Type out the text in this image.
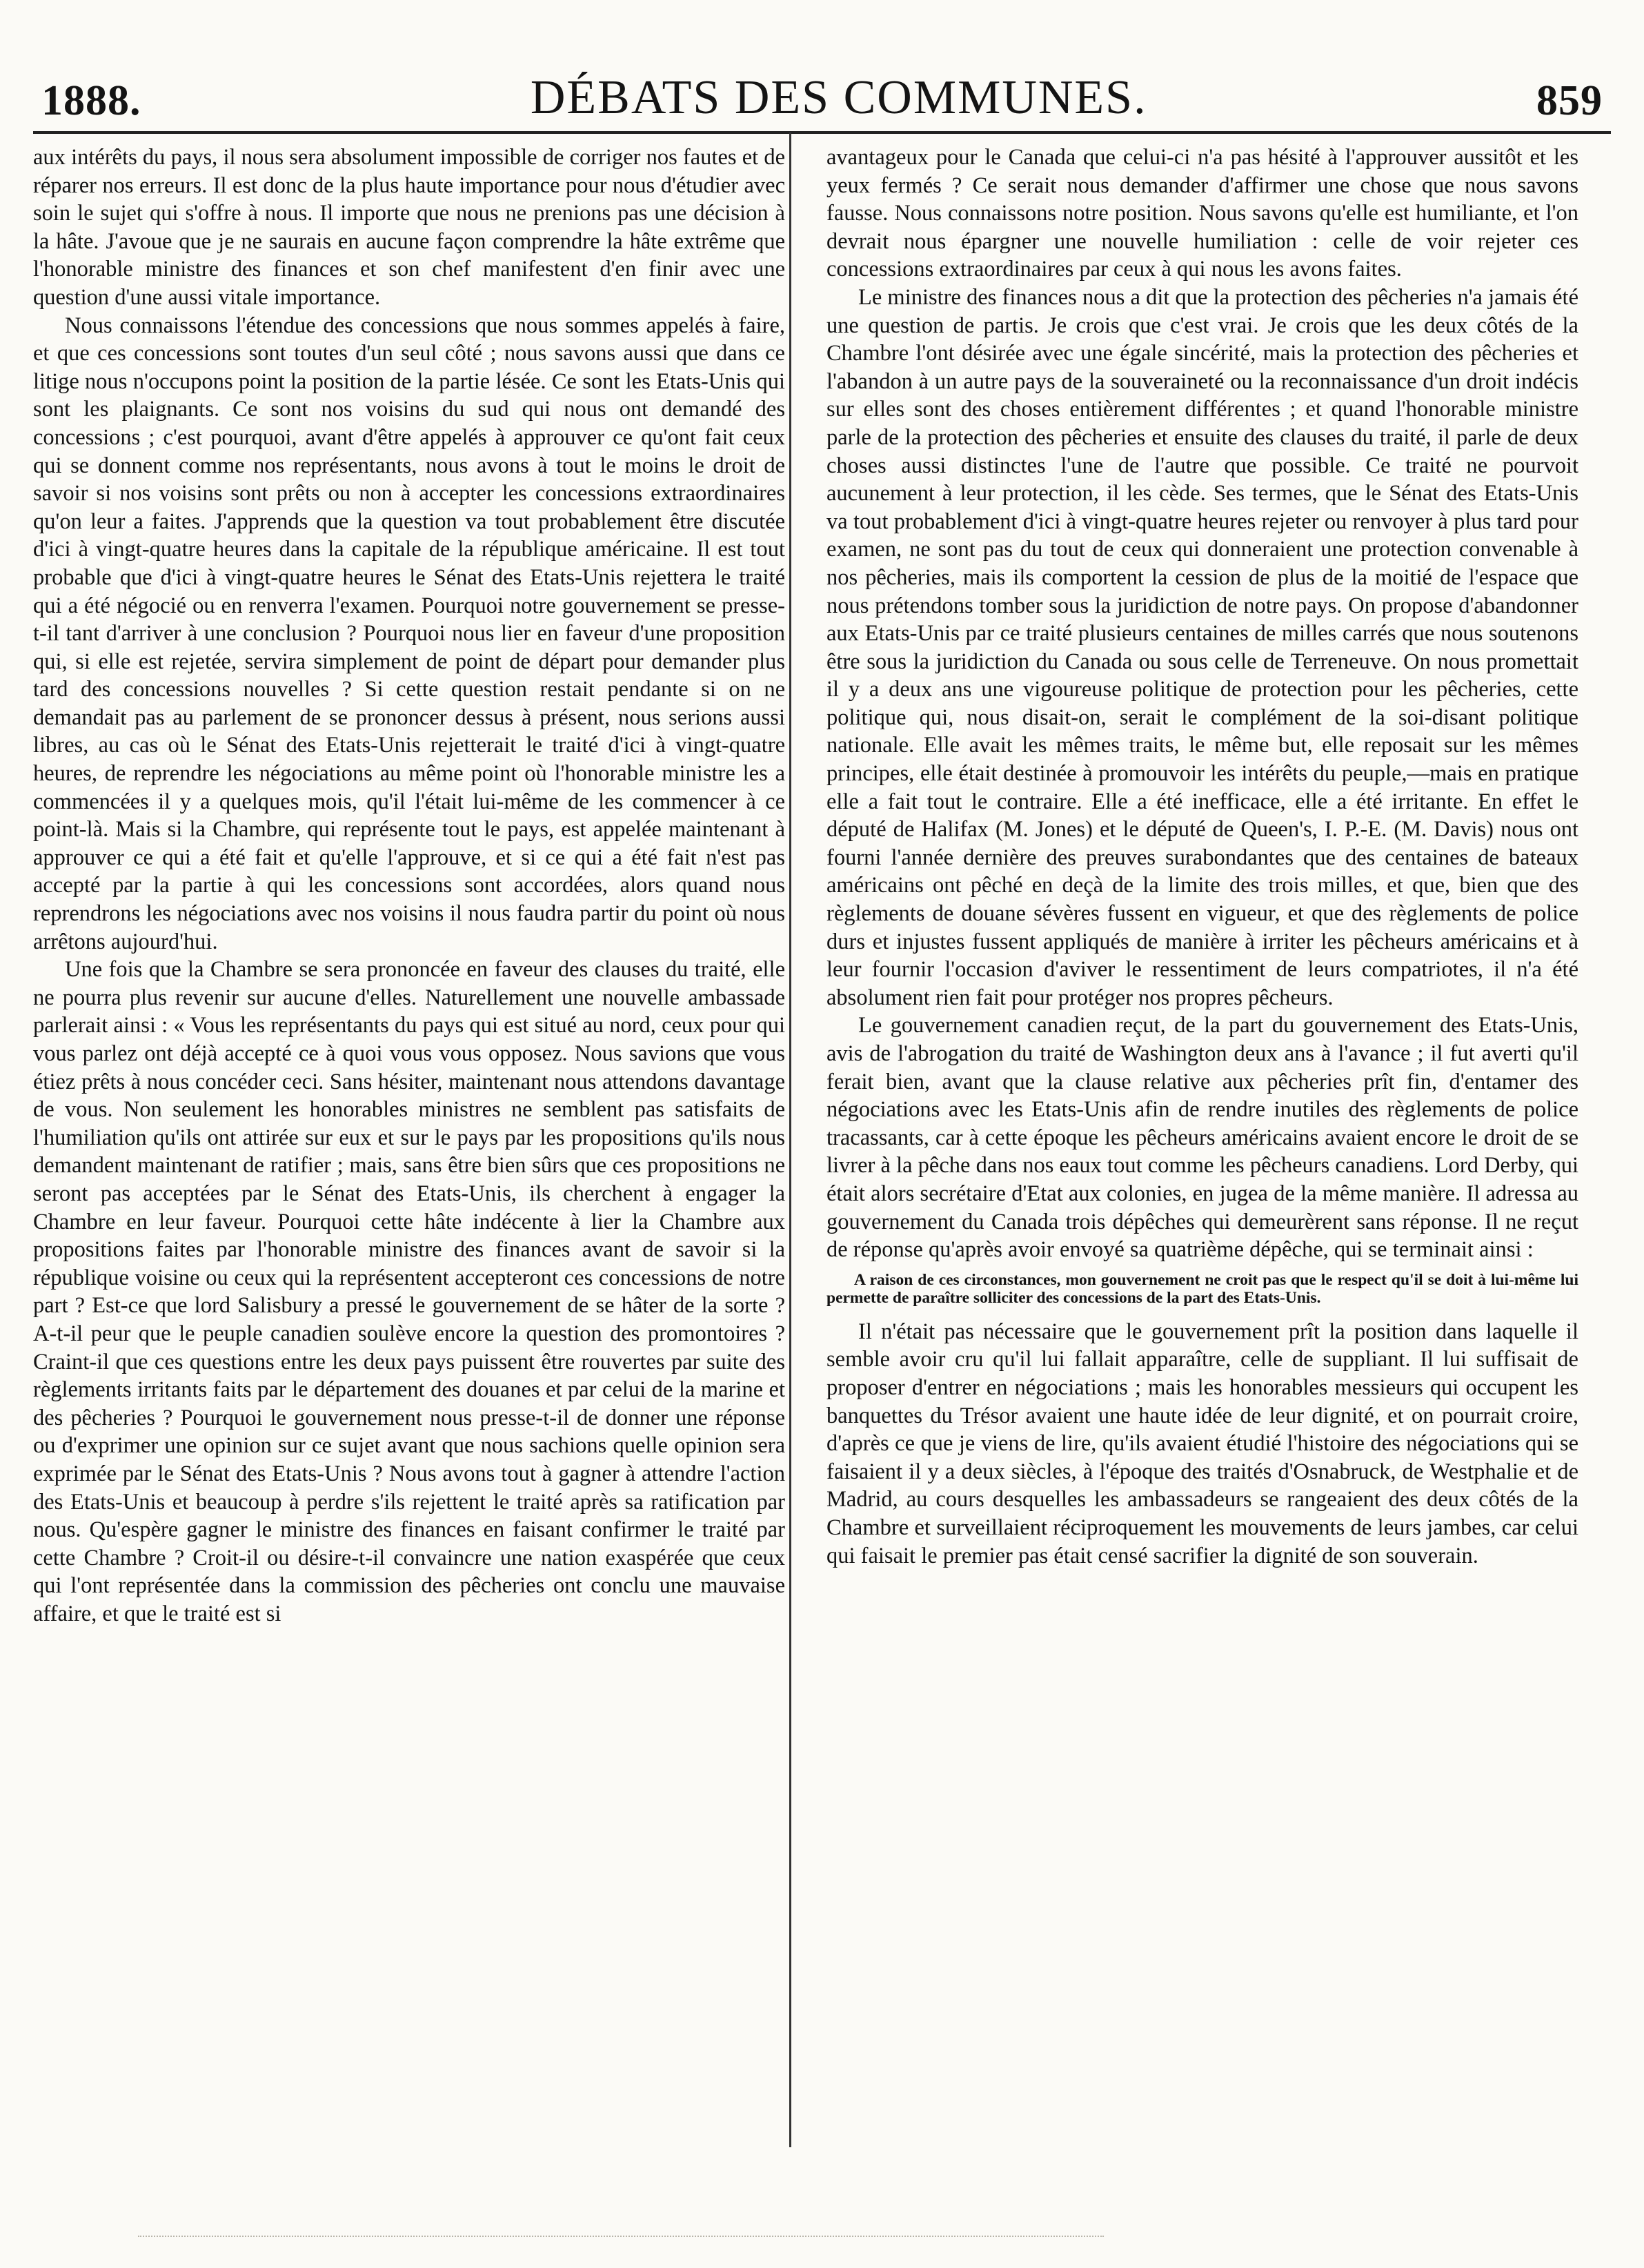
1888.	DÉBATS DES COMMUNES.	859

aux intérêts du pays, il nous sera absolument impossible de corriger nos fautes et de réparer nos erreurs. Il est donc de la plus haute importance pour nous d'étudier avec soin le sujet qui s'offre à nous. Il importe que nous ne prenions pas une décision à la hâte. J'avoue que je ne saurais en aucune façon comprendre la hâte extrême que l'honorable ministre des finances et son chef manifestent d'en finir avec une question d'une aussi vitale importance.

Nous connaissons l'étendue des concessions que nous sommes appelés à faire, et que ces concessions sont toutes d'un seul côté ; nous savons aussi que dans ce litige nous n'occupons point la position de la partie lésée. Ce sont les Etats-Unis qui sont les plaignants. Ce sont nos voisins du sud qui nous ont demandé des concessions ; c'est pourquoi, avant d'être appelés à approuver ce qu'ont fait ceux qui se donnent comme nos représentants, nous avons à tout le moins le droit de savoir si nos voisins sont prêts ou non à accepter les concessions extraordinaires qu'on leur a faites. J'apprends que la question va tout probablement être discutée d'ici à vingt-quatre heures dans la capitale de la république américaine. Il est tout probable que d'ici à vingt-quatre heures le Sénat des Etats-Unis rejettera le traité qui a été négocié ou en renverra l'examen. Pourquoi notre gouvernement se presse-t-il tant d'arriver à une conclusion ? Pourquoi nous lier en faveur d'une proposition qui, si elle est rejetée, servira simplement de point de départ pour demander plus tard des concessions nouvelles ? Si cette question restait pendante si on ne demandait pas au parlement de se prononcer dessus à présent, nous serions aussi libres, au cas où le Sénat des Etats-Unis rejetterait le traité d'ici à vingt-quatre heures, de reprendre les négociations au même point où l'honorable ministre les a commencées il y a quelques mois, qu'il l'était lui-même de les commencer à ce point-là. Mais si la Chambre, qui représente tout le pays, est appelée maintenant à approuver ce qui a été fait et qu'elle l'approuve, et si ce qui a été fait n'est pas accepté par la partie à qui les concessions sont accordées, alors quand nous reprendrons les négociations avec nos voisins il nous faudra partir du point où nous arrêtons aujourd'hui.

Une fois que la Chambre se sera prononcée en faveur des clauses du traité, elle ne pourra plus revenir sur aucune d'elles. Naturellement une nouvelle ambassade parlerait ainsi : « Vous les représentants du pays qui est situé au nord, ceux pour qui vous parlez ont déjà accepté ce à quoi vous vous opposez. Nous savions que vous étiez prêts à nous concéder ceci. Sans hésiter, maintenant nous attendons davantage de vous. Non seulement les honorables ministres ne semblent pas satisfaits de l'humiliation qu'ils ont attirée sur eux et sur le pays par les propositions qu'ils nous demandent maintenant de ratifier ; mais, sans être bien sûrs que ces propositions ne seront pas acceptées par le Sénat des Etats-Unis, ils cherchent à engager la Chambre en leur faveur. Pourquoi cette hâte indécente à lier la Chambre aux propositions faites par l'honorable ministre des finances avant de savoir si la république voisine ou ceux qui la représentent accepteront ces concessions de notre part ? Est-ce que lord Salisbury a pressé le gouvernement de se hâter de la sorte ? A-t-il peur que le peuple canadien soulève encore la question des promontoires ? Craint-il que ces questions entre les deux pays puissent être rouvertes par suite des règlements irritants faits par le département des douanes et par celui de la marine et des pêcheries ? Pourquoi le gouvernement nous presse-t-il de donner une réponse ou d'exprimer une opinion sur ce sujet avant que nous sachions quelle opinion sera exprimée par le Sénat des Etats-Unis ? Nous avons tout à gagner à attendre l'action des Etats-Unis et beaucoup à perdre s'ils rejettent le traité après sa ratification par nous. Qu'espère gagner le ministre des finances en faisant confirmer le traité par cette Chambre ? Croit-il ou désire-t-il convaincre une nation exaspérée que ceux qui l'ont représentée dans la commission des pêcheries ont conclu une mauvaise affaire, et que le traité est si

avantageux pour le Canada que celui-ci n'a pas hésité à l'approuver aussitôt et les yeux fermés ? Ce serait nous demander d'affirmer une chose que nous savons fausse. Nous connaissons notre position. Nous savons qu'elle est humiliante, et l'on devrait nous épargner une nouvelle humiliation : celle de voir rejeter ces concessions extraordinaires par ceux à qui nous les avons faites.

Le ministre des finances nous a dit que la protection des pêcheries n'a jamais été une question de partis. Je crois que c'est vrai. Je crois que les deux côtés de la Chambre l'ont désirée avec une égale sincérité, mais la protection des pêcheries et l'abandon à un autre pays de la souveraineté ou la reconnaissance d'un droit indécis sur elles sont des choses entièrement différentes ; et quand l'honorable ministre parle de la protection des pêcheries et ensuite des clauses du traité, il parle de deux choses aussi distinctes l'une de l'autre que possible. Ce traité ne pourvoit aucunement à leur protection, il les cède. Ses termes, que le Sénat des Etats-Unis va tout probablement d'ici à vingt-quatre heures rejeter ou renvoyer à plus tard pour examen, ne sont pas du tout de ceux qui donneraient une protection convenable à nos pêcheries, mais ils comportent la cession de plus de la moitié de l'espace que nous prétendons tomber sous la juridiction de notre pays. On propose d'abandonner aux Etats-Unis par ce traité plusieurs centaines de milles carrés que nous soutenons être sous la juridiction du Canada ou sous celle de Terreneuve. On nous promettait il y a deux ans une vigoureuse politique de protection pour les pêcheries, cette politique qui, nous disait-on, serait le complément de la soi-disant politique nationale. Elle avait les mêmes traits, le même but, elle reposait sur les mêmes principes, elle était destinée à promouvoir les intérêts du peuple,—mais en pratique elle a fait tout le contraire. Elle a été inefficace, elle a été irritante. En effet le député de Halifax (M. Jones) et le député de Queen's, I. P.-E. (M. Davis) nous ont fourni l'année dernière des preuves surabondantes que des centaines de bateaux américains ont pêché en deçà de la limite des trois milles, et que, bien que des règlements de douane sévères fussent en vigueur, et que des règlements de police durs et injustes fussent appliqués de manière à irriter les pêcheurs américains et à leur fournir l'occasion d'aviver le ressentiment de leurs compatriotes, il n'a été absolument rien fait pour protéger nos propres pêcheurs.

Le gouvernement canadien reçut, de la part du gouvernement des Etats-Unis, avis de l'abrogation du traité de Washington deux ans à l'avance ; il fut averti qu'il ferait bien, avant que la clause relative aux pêcheries prît fin, d'entamer des négociations avec les Etats-Unis afin de rendre inutiles des règlements de police tracassants, car à cette époque les pêcheurs américains avaient encore le droit de se livrer à la pêche dans nos eaux tout comme les pêcheurs canadiens. Lord Derby, qui était alors secrétaire d'Etat aux colonies, en jugea de la même manière. Il adressa au gouvernement du Canada trois dépêches qui demeurèrent sans réponse. Il ne reçut de réponse qu'après avoir envoyé sa quatrième dépêche, qui se terminait ainsi :

A raison de ces circonstances, mon gouvernement ne croit pas que le respect qu'il se doit à lui-même lui permette de paraître solliciter des concessions de la part des Etats-Unis.

Il n'était pas nécessaire que le gouvernement prît la position dans laquelle il semble avoir cru qu'il lui fallait apparaître, celle de suppliant. Il lui suffisait de proposer d'entrer en négociations ; mais les honorables messieurs qui occupent les banquettes du Trésor avaient une haute idée de leur dignité, et on pourrait croire, d'après ce que je viens de lire, qu'ils avaient étudié l'histoire des négociations qui se faisaient il y a deux siècles, à l'époque des traités d'Osnabruck, de Westphalie et de Madrid, au cours desquelles les ambassadeurs se rangeaient des deux côtés de la Chambre et surveillaient réciproquement les mouvements de leurs jambes, car celui qui faisait le premier pas était censé sacrifier la dignité de son souverain.
